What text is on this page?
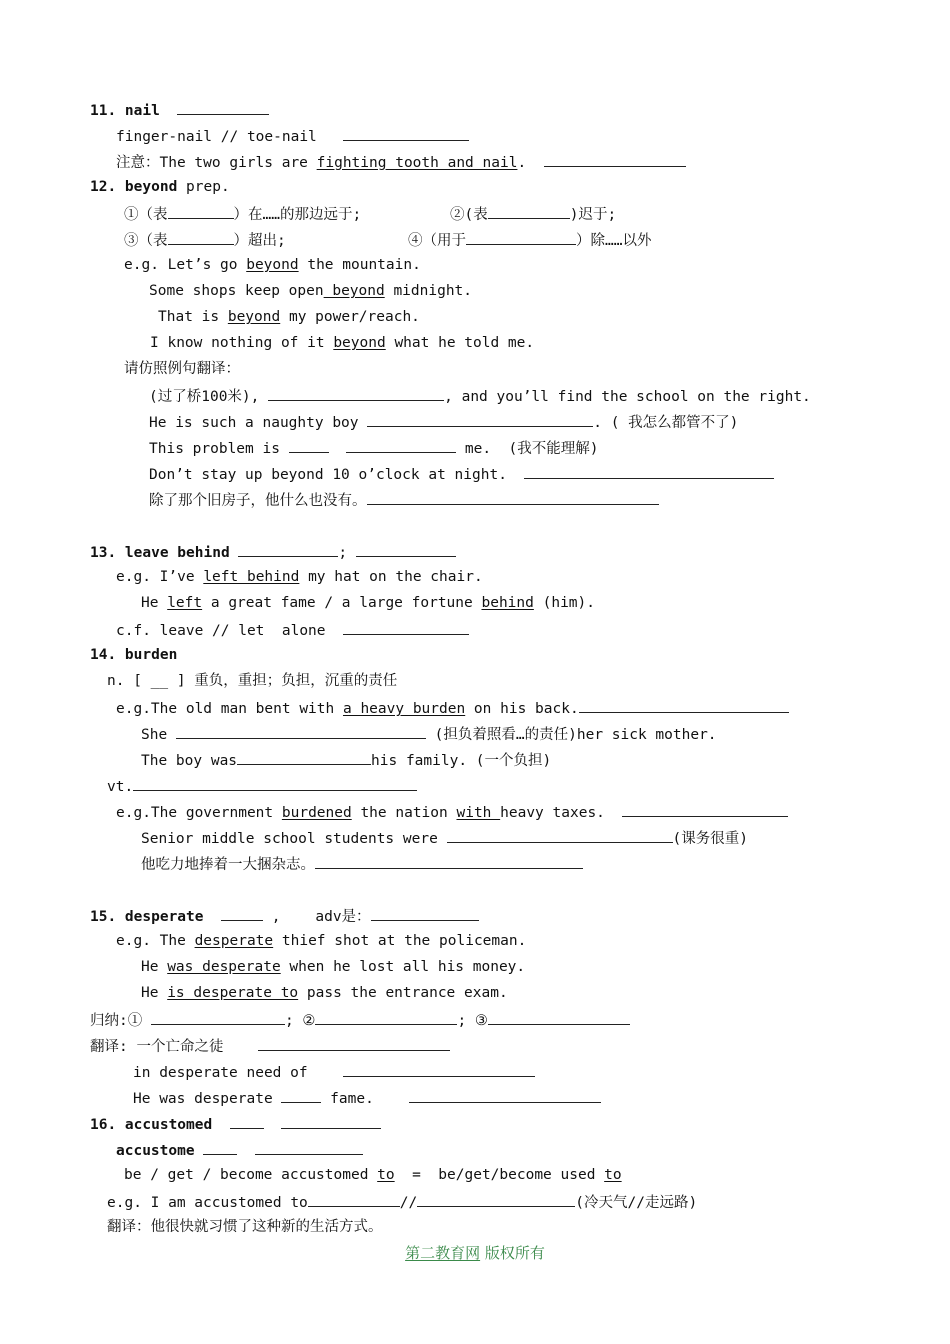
11. nail
finger-nail // toe-nail
注意：The two girls are fighting tooth and nail.
12. beyond prep.
①（表	）在……的那边远于;	②(表	)迟于;
③（表	）超出;	④（用于	）除……以外
e.g. Let’s go beyond the mountain.
Some shops keep open beyond midnight.
That is beyond my power/reach.
I know nothing of it beyond what he told me.
请仿照例句翻译：
(过了桥100米),	, and you’ll find the school on the right.
He is such a naughty boy	. ( 我怎么都管不了)
This problem is	me.  (我不能理解)
Don’t stay up beyond 10 o’clock at night.
除了那个旧房子，他什么也没有。
13. leave behind	;
e.g. I’ve left behind my hat on the chair.
He left a great fame / a large fortune behind (him).
c.f. leave // let  alone
14. burden
n. [ __ ] 重负，重担；负担，沉重的责任
e.g.The old man bent with a heavy burden on his back.
She	(担负着照看…的责任)her sick mother.
The boy was	his family. (一个负担)
vt.
e.g.The government burdened the nation with heavy taxes.
Senior middle school students were	(课务很重)
他吃力地捧着一大捆杂志。
15. desperate	, adv是：
e.g. The desperate thief shot at the policeman.
He was desperate when he lost all his money.
He is desperate to pass the entrance exam.
归纳:①	; ②	; ③
翻译: 一个亡命之徒
in desperate need of
He was desperate	fame.
16. accustomed
accustome
be / get / become accustomed to  =  be/get/become used to
e.g. I am accustomed to	//	(冷天气//走远路)
翻译：他很快就习惯了这种新的生活方式。
第二教育网 版权所有
